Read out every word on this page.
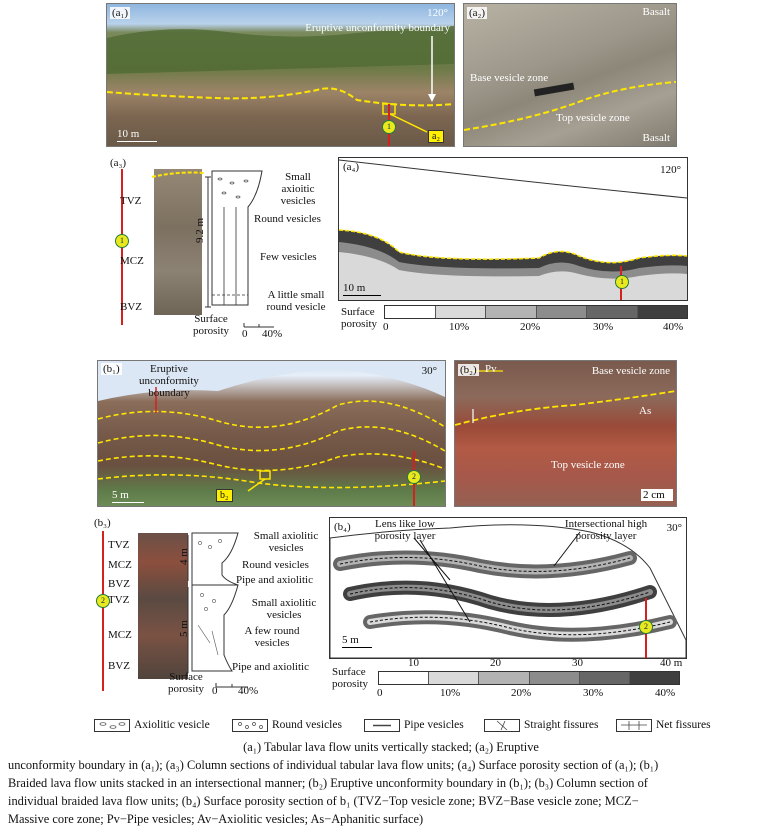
(a₁)	120°
Eruptive unconformity boundary
10 m	a₂
1
(a₂)	Basalt
Base vesicle zone
Top vesicle zone
Basalt
(a₃)
1
TVZ
MCZ
BVZ
9.2 m
Small axioitic vesicles
Round vesicles
Few vesicles
A little small round vesicle
Surface porosity	0 40%
(a₄)	120°
10 m
1
Surface porosity 0	10%	20%	30%	40%
(b₁)	Eruptive unconformity boundary
30°
5 m	b₂
2
(b₂) Pv	Base vesicle zone
As
Top vesicle zone
2 cm
(b₃)
2
TVZ
MCZ
BVZ
TVZ
MCZ
BVZ
4 m
5 m
Small axiolitic vesicles
Round vesicles
Pipe and axiolitic
Small axiolitic vesicles
A few round vesicles
Pipe and axiolitic
Surface porosity 0 40%
(b₄)	30°
Lens like low porosity layer
Intersectional high porosity layer
5 m
2
10	20	30	40 m
Surface porosity
0	10%	20%	30%	40%
Axiolitic vesicle	Round vesicles	Pipe vesicles	Straight fissures	Net fissures
(a₁) Tabular lava flow units vertically stacked; (a₂) Eruptive
unconformity boundary in (a₁); (a₃) Column sections of individual tabular lava flow units; (a₄) Surface porosity section of (a₁); (b₁)
Braided lava flow units stacked in an intersectional manner; (b₂) Eruptive unconformity boundary in (b₁); (b₃) Column section of
individual braided lava flow units; (b₄) Surface porosity section of b₁ (TVZ−Top vesicle zone; BVZ−Base vesicle zone; MCZ−
Massive core zone; Pv−Pipe vesicles; Av−Axiolitic vesicles; As−Aphanitic surface)
